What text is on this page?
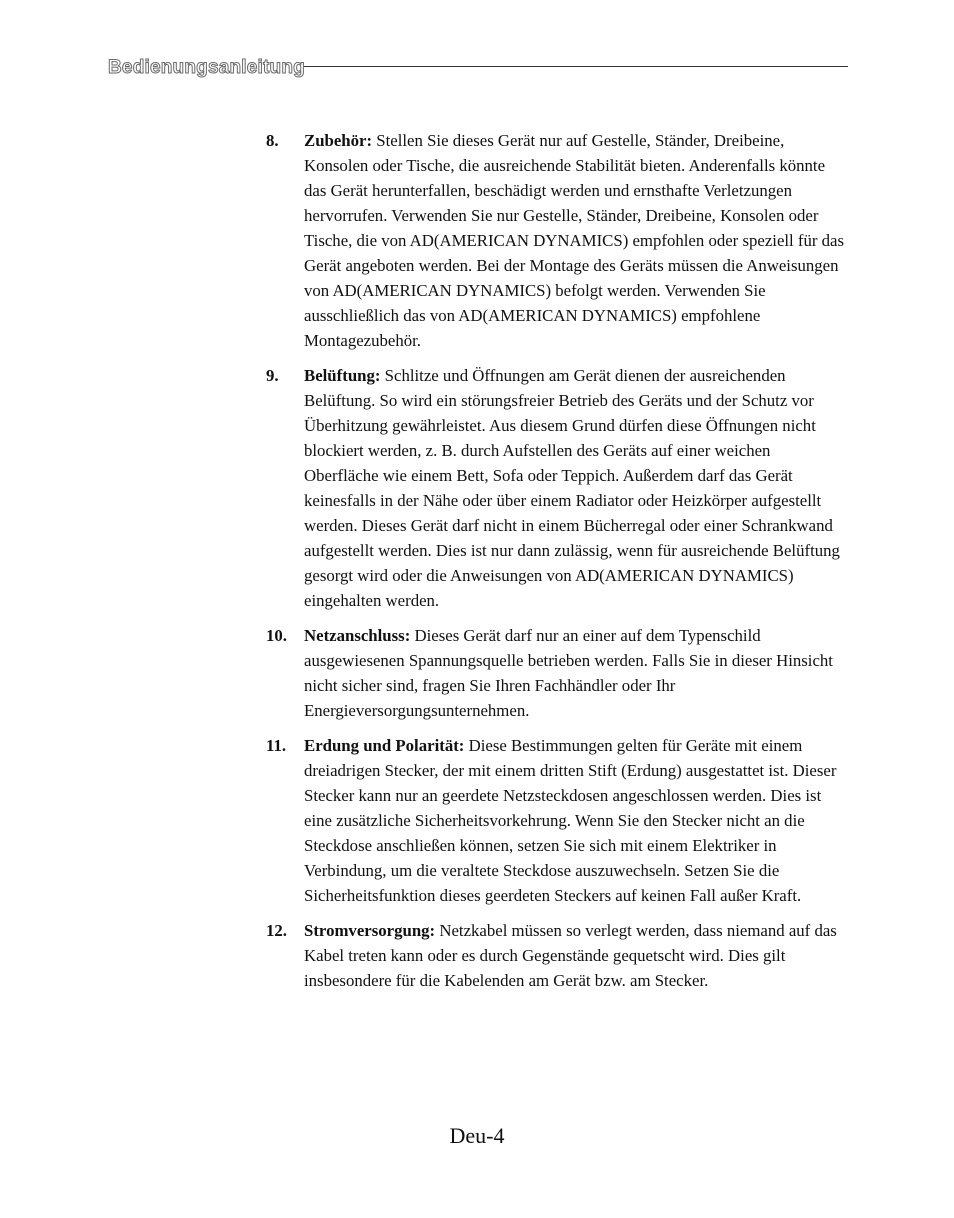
Bedienungsanleitung
8. Zubehör: Stellen Sie dieses Gerät nur auf Gestelle, Ständer, Dreibeine, Konsolen oder Tische, die ausreichende Stabilität bieten. Anderenfalls könnte das Gerät herunterfallen, beschädigt werden und ernsthafte Verletzungen hervorrufen. Verwenden Sie nur Gestelle, Ständer, Dreibeine, Konsolen oder Tische, die von AD(AMERICAN DYNAMICS) empfohlen oder speziell für das Gerät angeboten werden. Bei der Montage des Geräts müssen die Anweisungen von AD(AMERICAN DYNAMICS) befolgt werden. Verwenden Sie ausschließlich das von AD(AMERICAN DYNAMICS) empfohlene Montagezubehör.
9. Belüftung: Schlitze und Öffnungen am Gerät dienen der ausreichenden Belüftung. So wird ein störungsfreier Betrieb des Geräts und der Schutz vor Überhitzung gewährleistet. Aus diesem Grund dürfen diese Öffnungen nicht blockiert werden, z. B. durch Aufstellen des Geräts auf einer weichen Oberfläche wie einem Bett, Sofa oder Teppich. Außerdem darf das Gerät keinesfalls in der Nähe oder über einem Radiator oder Heizkörper aufgestellt werden. Dieses Gerät darf nicht in einem Bücherregal oder einer Schrankwand aufgestellt werden. Dies ist nur dann zulässig, wenn für ausreichende Belüftung gesorgt wird oder die Anweisungen von AD(AMERICAN DYNAMICS) eingehalten werden.
10. Netzanschluss: Dieses Gerät darf nur an einer auf dem Typenschild ausgewiesenen Spannungsquelle betrieben werden. Falls Sie in dieser Hinsicht nicht sicher sind, fragen Sie Ihren Fachhändler oder Ihr Energieversorgungsunternehmen.
11. Erdung und Polarität: Diese Bestimmungen gelten für Geräte mit einem dreiadrigen Stecker, der mit einem dritten Stift (Erdung) ausgestattet ist. Dieser Stecker kann nur an geerdete Netzsteckdosen angeschlossen werden. Dies ist eine zusätzliche Sicherheitsvorkehrung. Wenn Sie den Stecker nicht an die Steckdose anschließen können, setzen Sie sich mit einem Elektriker in Verbindung, um die veraltete Steckdose auszuwechseln. Setzen Sie die Sicherheitsfunktion dieses geerdeten Steckers auf keinen Fall außer Kraft.
12. Stromversorgung: Netzkabel müssen so verlegt werden, dass niemand auf das Kabel treten kann oder es durch Gegenstände gequetscht wird. Dies gilt insbesondere für die Kabelenden am Gerät bzw. am Stecker.
Deu-4
